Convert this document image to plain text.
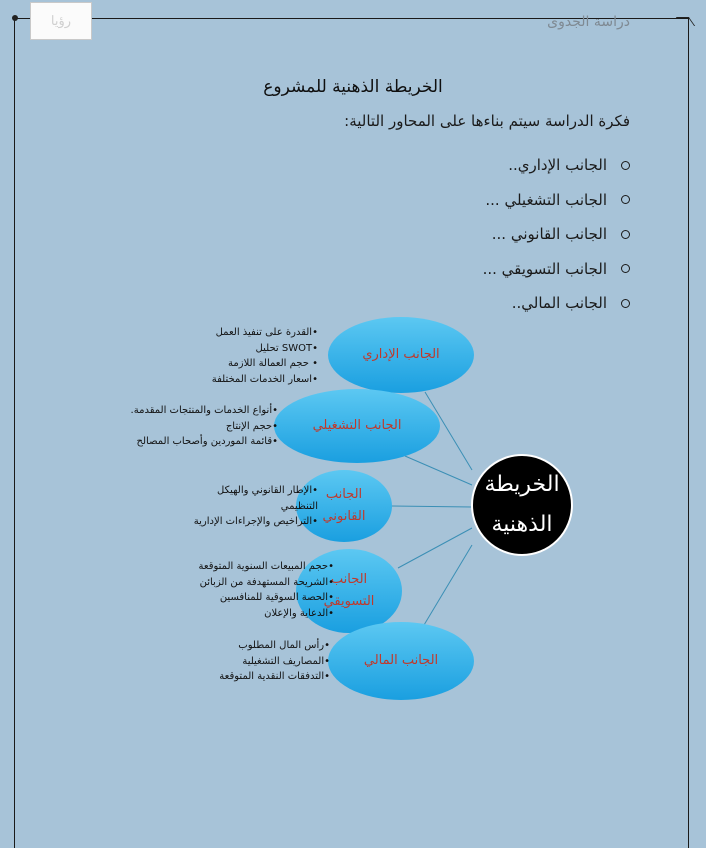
رؤيا	دراسة الجدوى
الخريطة الذهنية للمشروع
فكرة الدراسة سيتم بناءها على المحاور التالية:
الجانب الإداري..
الجانب التشغيلي ...
الجانب القانوني ...
الجانب التسويقي ...
الجانب المالي..
الخريطة
الذهنية
الجانب الإداري
الجانب التشغيلي
الجانب
القانوني
الجانب
التسويقي
الجانب المالي
•القدرة على تنفيذ العمل
•SWOT تحليل
• حجم العمالة اللازمة
•اسعار الخدمات المختلفة
•أنواع الخدمات والمنتجات المقدمة.
•حجم الإنتاج
•قائمة الموردين وأصحاب المصالح
•الإطار القانوني والهيكل
التنظيمي
•التراخيص والإجراءات الإدارية
•حجم المبيعات السنوية المتوقعة
•الشريحة المستهدفة من الزبائن
•الحصة السوقية للمنافسين
•الدعاية والإعلان
•رأس المال المطلوب
•المصاريف التشغيلية
•التدفقات النقدية المتوقعة
